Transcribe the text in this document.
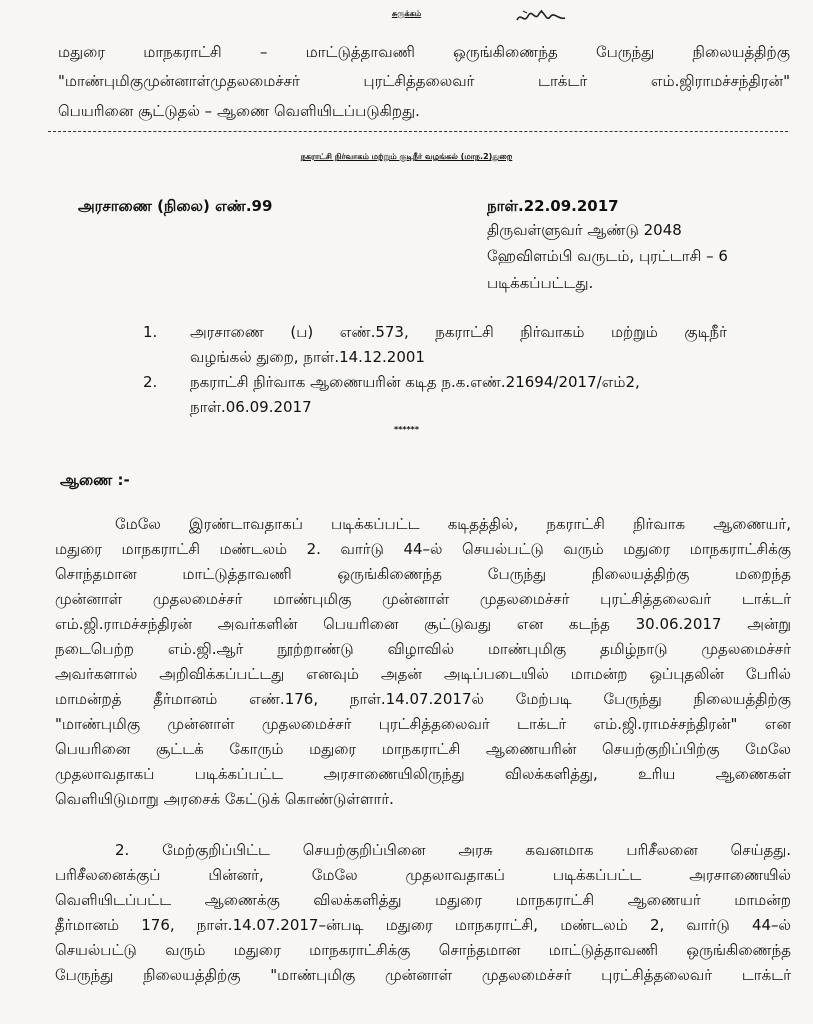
சுருக்கம்
மதுரை மாநகராட்சி – மாட்டுத்தாவணி ஒருங்கிணைந்த பேருந்து நிலையத்திற்கு
"மாண்புமிகுமுன்னாள்முதலமைச்சர் புரட்சித்தலைவர் டாக்டர் எம்.ஜிராமச்சந்திரன்"
பெயரினை சூட்டுதல் – ஆணை வெளியிடப்படுகிறது.
நகராட்சி நிர்வாகம் மற்றும் குடிநீர் வழங்கல் (மாந.2)துறை
அரசாணை (நிலை) எண்.99	நாள்.22.09.2017
திருவள்ளுவர் ஆண்டு 2048
ஹேவிளம்பி வருடம், புரட்டாசி – 6
படிக்கப்பட்டது.
1. அரசாணை (ப) எண்.573, நகராட்சி நிர்வாகம் மற்றும் குடிநீர்
வழங்கல் துறை, நாள்.14.12.2001
2. நகராட்சி நிர்வாக ஆணையரின் கடித ந.க.எண்.21694/2017/எம்2,
நாள்.06.09.2017
******
ஆணை :-
மேலே இரண்டாவதாகப் படிக்கப்பட்ட கடிதத்தில், நகராட்சி நிர்வாக ஆணையர்,
மதுரை மாநகராட்சி மண்டலம் 2. வார்டு 44–ல் செயல்பட்டு வரும் மதுரை மாநகராட்சிக்கு
சொந்தமான மாட்டுத்தாவணி ஒருங்கிணைந்த பேருந்து நிலையத்திற்கு மறைந்த
முன்னாள் முதலமைச்சர் மாண்புமிகு முன்னாள் முதலமைச்சர் புரட்சித்தலைவர் டாக்டர்
எம்.ஜி.ராமச்சந்திரன் அவர்களின் பெயரினை சூட்டுவது என கடந்த 30.06.2017 அன்று
நடைபெற்ற எம்.ஜி.ஆர் நூற்றாண்டு விழாவில் மாண்புமிகு தமிழ்நாடு முதலமைச்சர்
அவர்களால் அறிவிக்கப்பட்டது எனவும் அதன் அடிப்படையில் மாமன்ற ஒப்புதலின் பேரில்
மாமன்றத் தீர்மானம் எண்.176, நாள்.14.07.2017ல் மேற்படி பேருந்து நிலையத்திற்கு
"மாண்புமிகு முன்னாள் முதலமைச்சர் புரட்சித்தலைவர் டாக்டர் எம்.ஜி.ராமச்சந்திரன்" என
பெயரினை சூட்டக் கோரும் மதுரை மாநகராட்சி ஆணையரின் செயற்குறிப்பிற்கு மேலே
முதலாவதாகப் படிக்கப்பட்ட அரசாணையிலிருந்து விலக்களித்து, உரிய ஆணைகள்
வெளியிடுமாறு அரசைக் கேட்டுக் கொண்டுள்ளார்.
2. மேற்குறிப்பிட்ட செயற்குறிப்பினை அரசு கவனமாக பரிசீலனை செய்தது.
பரிசீலனைக்குப் பின்னர், மேலே முதலாவதாகப் படிக்கப்பட்ட அரசாணையில்
வெளியிடப்பட்ட ஆணைக்கு விலக்களித்து மதுரை மாநகராட்சி ஆணையர் மாமன்ற
தீர்மானம் 176, நாள்.14.07.2017–ன்படி மதுரை மாநகராட்சி, மண்டலம் 2, வார்டு 44–ல்
செயல்பட்டு வரும் மதுரை மாநகராட்சிக்கு சொந்தமான மாட்டுத்தாவணி ஒருங்கிணைந்த
பேருந்து நிலையத்திற்கு "மாண்புமிகு முன்னாள் முதலமைச்சர் புரட்சித்தலைவர் டாக்டர்
